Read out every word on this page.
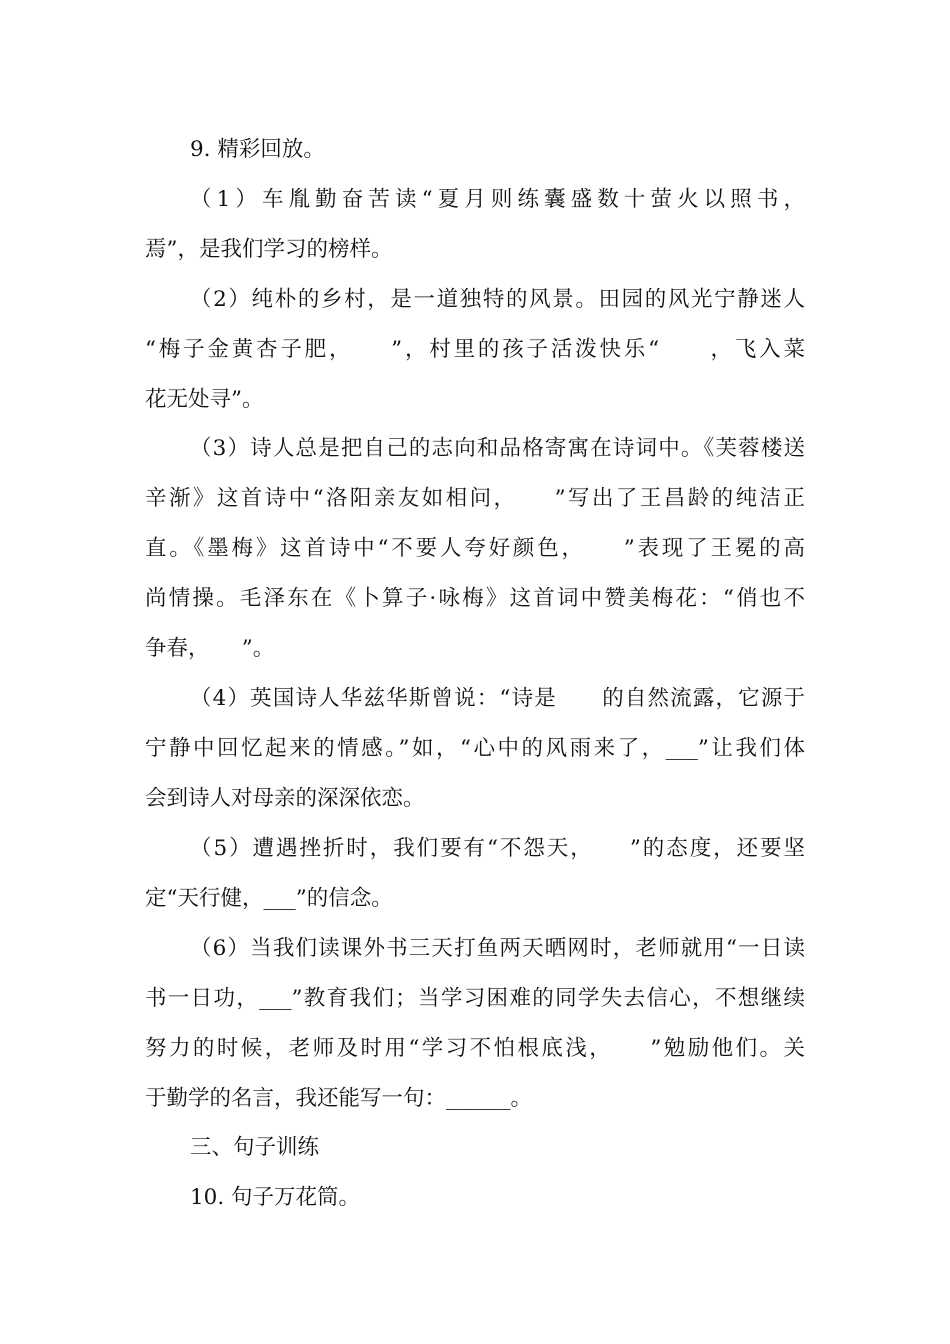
9. 精彩回放。
（1）车胤勤奋苦读“夏月则练囊盛数十萤火以照书，
焉”，是我们学习的榜样。
（2）纯朴的乡村，是一道独特的风景。田园的风光宁静迷人
“梅子金黄杏子肥，　　”，村里的孩子活泼快乐“　　，飞入菜
花无处寻”。
（3）诗人总是把自己的志向和品格寄寓在诗词中。《芙蓉楼送
辛渐》这首诗中“洛阳亲友如相问，　　”写出了王昌龄的纯洁正
直。《墨梅》这首诗中“不要人夸好颜色，　　”表现了王冕的高
尚情操。毛泽东在《卜算子·咏梅》这首词中赞美梅花：“俏也不
争春，　　”。
（4）英国诗人华兹华斯曾说：“诗是　　的自然流露，它源于
宁静中回忆起来的情感。”如，“心中的风雨来了，___”让我们体
会到诗人对母亲的深深依恋。
（5）遭遇挫折时，我们要有“不怨天，　　”的态度，还要坚
定“天行健，___”的信念。
（6）当我们读课外书三天打鱼两天晒网时，老师就用“一日读
书一日功，___”教育我们；当学习困难的同学失去信心，不想继续
努力的时候，老师及时用“学习不怕根底浅，　　”勉励他们。关
于勤学的名言，我还能写一句：______。
三、句子训练
10. 句子万花筒。
